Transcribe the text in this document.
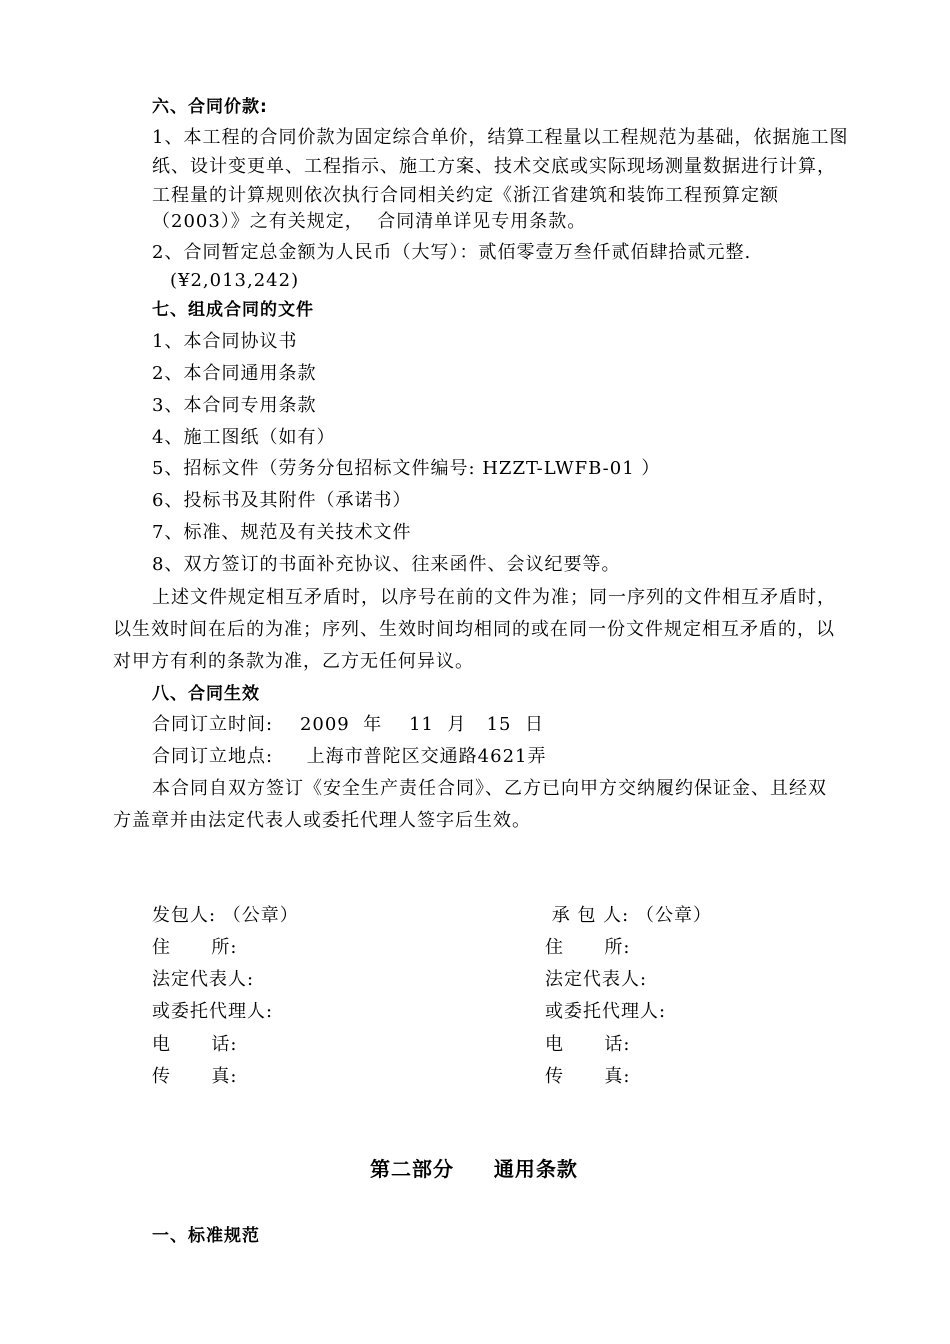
六、合同价款:
1、本工程的合同价款为固定综合单价，结算工程量以工程规范为基础，依据施工图
纸、设计变更单、工程指示、施工方案、技术交底或实际现场测量数据进行计算，
工程量的计算规则依次执行合同相关约定《浙江省建筑和装饰工程预算定额
（2003）》之有关规定，  合同清单详见专用条款。
2、合同暂定总金额为人民币（大写）：贰佰零壹万叁仟贰佰肆拾贰元整.
(¥2,013,242)
七、组成合同的文件
1、本合同协议书
2、本合同通用条款
3、本合同专用条款
4、施工图纸（如有）
5、招标文件（劳务分包招标文件编号: HZZT-LWFB-01 ）
6、投标书及其附件（承诺书）
7、标准、规范及有关技术文件
8、双方签订的书面补充协议、往来函件、会议纪要等。
上述文件规定相互矛盾时，以序号在前的文件为准；同一序列的文件相互矛盾时，
以生效时间在后的为准；序列、生效时间均相同的或在同一份文件规定相互矛盾的，以
对甲方有利的条款为准，乙方无任何异议。
八、合同生效
合同订立时间:    2009  年    11  月   15  日
合同订立地点:     上海市普陀区交通路4621弄
本合同自双方签订《安全生产责任合同》、乙方已向甲方交纳履约保证金、且经双
方盖章并由法定代表人或委托代理人签字后生效。
发包人: （公章）
住      所:
法定代表人:
或委托代理人:
电      话:
传      真:
承 包 人: （公章）
住      所:
法定代表人:
或委托代理人:
电      话:
传      真:
第二部分     通用条款
一、标准规范
